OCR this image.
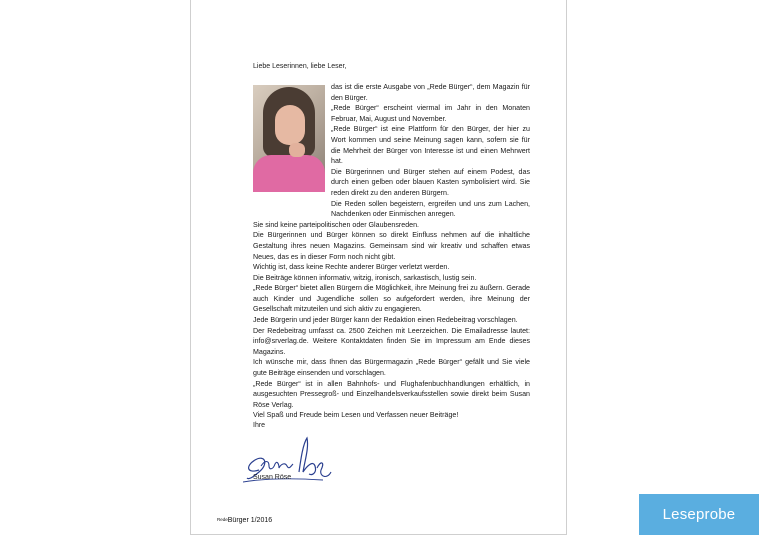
Liebe Leserinnen, liebe Leser,

das ist die erste Ausgabe von „Rede Bürger“, dem Magazin für den Bürger.

„Rede Bürger“ erscheint viermal im Jahr in den Monaten Februar, Mai, August und November.

„Rede Bürger“ ist eine Plattform für den Bürger, der hier zu Wort kommen und seine Meinung sagen kann, sofern sie für die Mehrheit der Bürger von Interesse ist und einen Mehrwert hat.

Die Bürgerinnen und Bürger stehen auf einem Podest, das durch einen gelben oder blauen Kasten symbolisiert wird. Sie reden direkt zu den anderen Bürgern.

Die Reden sollen begeistern, ergreifen und uns zum Lachen, Nachdenken oder Einmischen anregen.

Sie sind keine parteipolitischen oder Glaubensreden.

Die Bürgerinnen und Bürger können so direkt Einfluss nehmen auf die inhaltliche Gestaltung ihres neuen Magazins. Gemeinsam sind wir kreativ und schaffen etwas Neues, das es in dieser Form noch nicht gibt.

Wichtig ist, dass keine Rechte anderer Bürger verletzt werden.

Die Beiträge können informativ, witzig, ironisch, sarkastisch, lustig sein.

„Rede Bürger“ bietet allen Bürgern die Möglichkeit, ihre Meinung frei zu äußern. Gerade auch Kinder und Jugendliche sollen so aufgefordert werden, ihre Meinung der Gesellschaft mitzuteilen und sich aktiv zu engagieren.

Jede Bürgerin und jeder Bürger kann der Redaktion einen Redebeitrag vorschlagen.

Der Redebeitrag umfasst ca. 2500 Zeichen mit Leerzeichen. Die Emailadresse lautet: info@srverlag.de. Weitere Kontaktdaten finden Sie im Impressum am Ende dieses Magazins.

Ich wünsche mir, dass Ihnen das Bürgermagazin „Rede Bürger“ gefällt und Sie viele gute Beiträge einsenden und vorschlagen.

„Rede Bürger“ ist in allen Bahnhofs- und Flughafenbuchhandlungen erhältlich, in ausgesuchten Pressegroß- und Einzelhandelsverkaufsstellen sowie direkt beim Susan Röse Verlag.

Viel Spaß und Freude beim Lesen und Verfassen neuer Beiträge!

Ihre
Susan Röse
RedeBürger 1/2016	Leseprobe
